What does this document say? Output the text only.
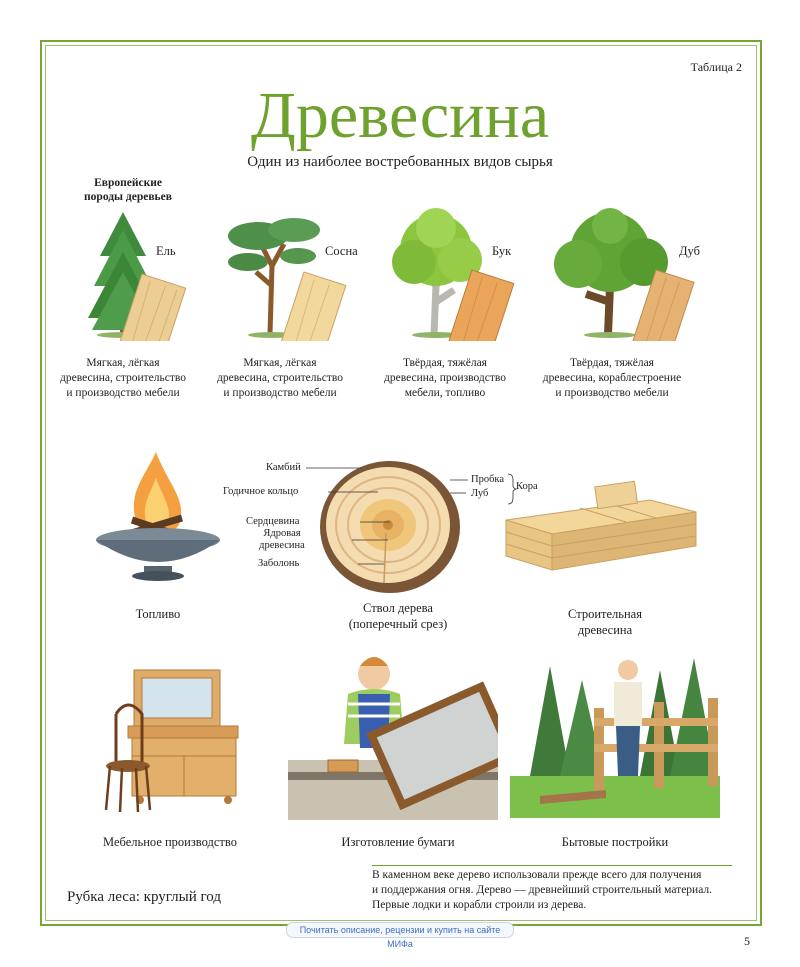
Таблица 2
Древесина
Один из наиболее востребованных видов сырья
Европейские
породы деревьев
Ель	Сосна	Бук	Дуб
Мягкая, лёгкая
древесина, строительство
и производство мебели
Мягкая, лёгкая
древесина, строительство
и производство мебели
Твёрдая, тяжёлая
древесина, производство
мебели, топливо
Твёрдая, тяжёлая
древесина, кораблестроение
и производство мебели
Топливо
Камбий
Годичное кольцо
Сердцевина
Ядровая
древесина
Заболонь
Пробка
Луб
Кора
Ствол дерева
(поперечный срез)
Строительная
древесина
Мебельное производство	Изготовление бумаги	Бытовые постройки
Рубка леса: круглый год
В каменном веке дерево использовали прежде всего для получения
и поддержания огня. Дерево — древнейший строительный материал.
Первые лодки и корабли строили из дерева.
Почитать описание, рецензии и купить на сайте МИФа	5
